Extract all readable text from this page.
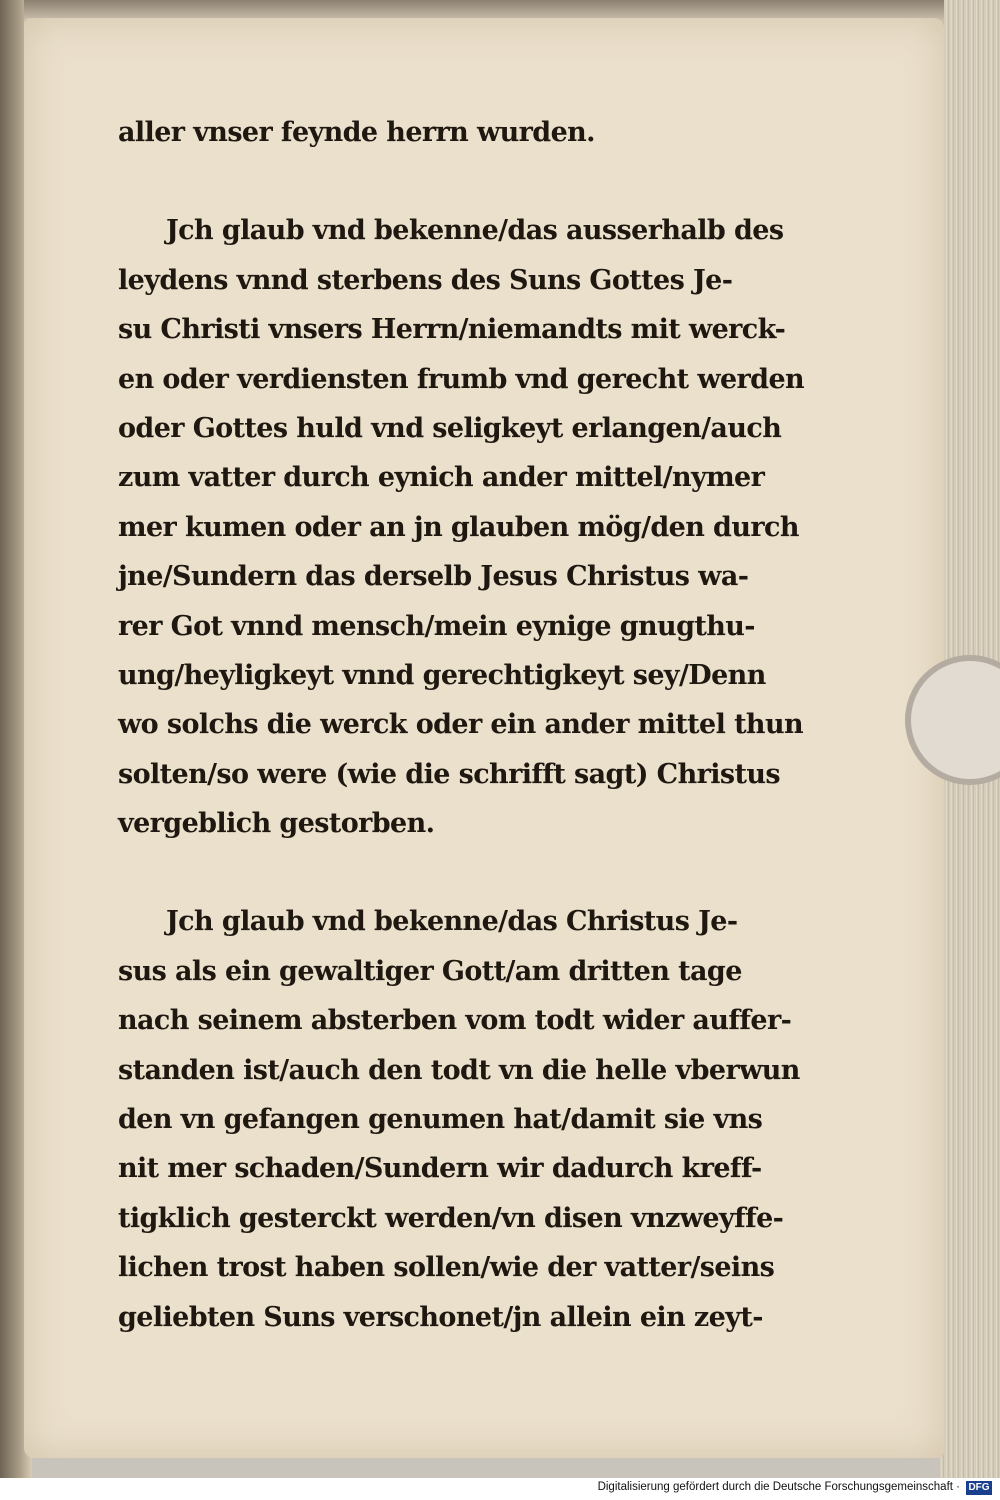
aller vnser feynde herrn wurden.
Jch glaub vnd bekenne/das ausserhalb des
leydens vnnd sterbens des Suns Gottes Je-
su Christi vnsers Herrn/niemandts mit werck-
en oder verdiensten frumb vnd gerecht werden
oder Gottes huld vnd seligkeyt erlangen/auch
zum vatter durch eynich ander mittel/nymer
mer kumen oder an jn glauben mög/den durch
jne/Sundern das derselb Jesus Christus wa-
rer Got vnnd mensch/mein eynige gnugthu-
ung/heyligkeyt vnnd gerechtigkeyt sey/Denn
wo solchs die werck oder ein ander mittel thun
solten/so were (wie die schrifft sagt) Christus
vergeblich gestorben.
Jch glaub vnd bekenne/das Christus Je-
sus als ein gewaltiger Gott/am dritten tage
nach seinem absterben vom todt wider auffer-
standen ist/auch den todt vn die helle vberwun
den vn gefangen genumen hat/damit sie vns
nit mer schaden/Sundern wir dadurch kreff-
tigklich gesterckt werden/vn disen vnzweyffe-
lichen trost haben sollen/wie der vatter/seins
geliebten Suns verschonet/jn allein ein zeyt-
Digitalisierung gefördert durch die Deutsche Forschungsgemeinschaft · DFG
